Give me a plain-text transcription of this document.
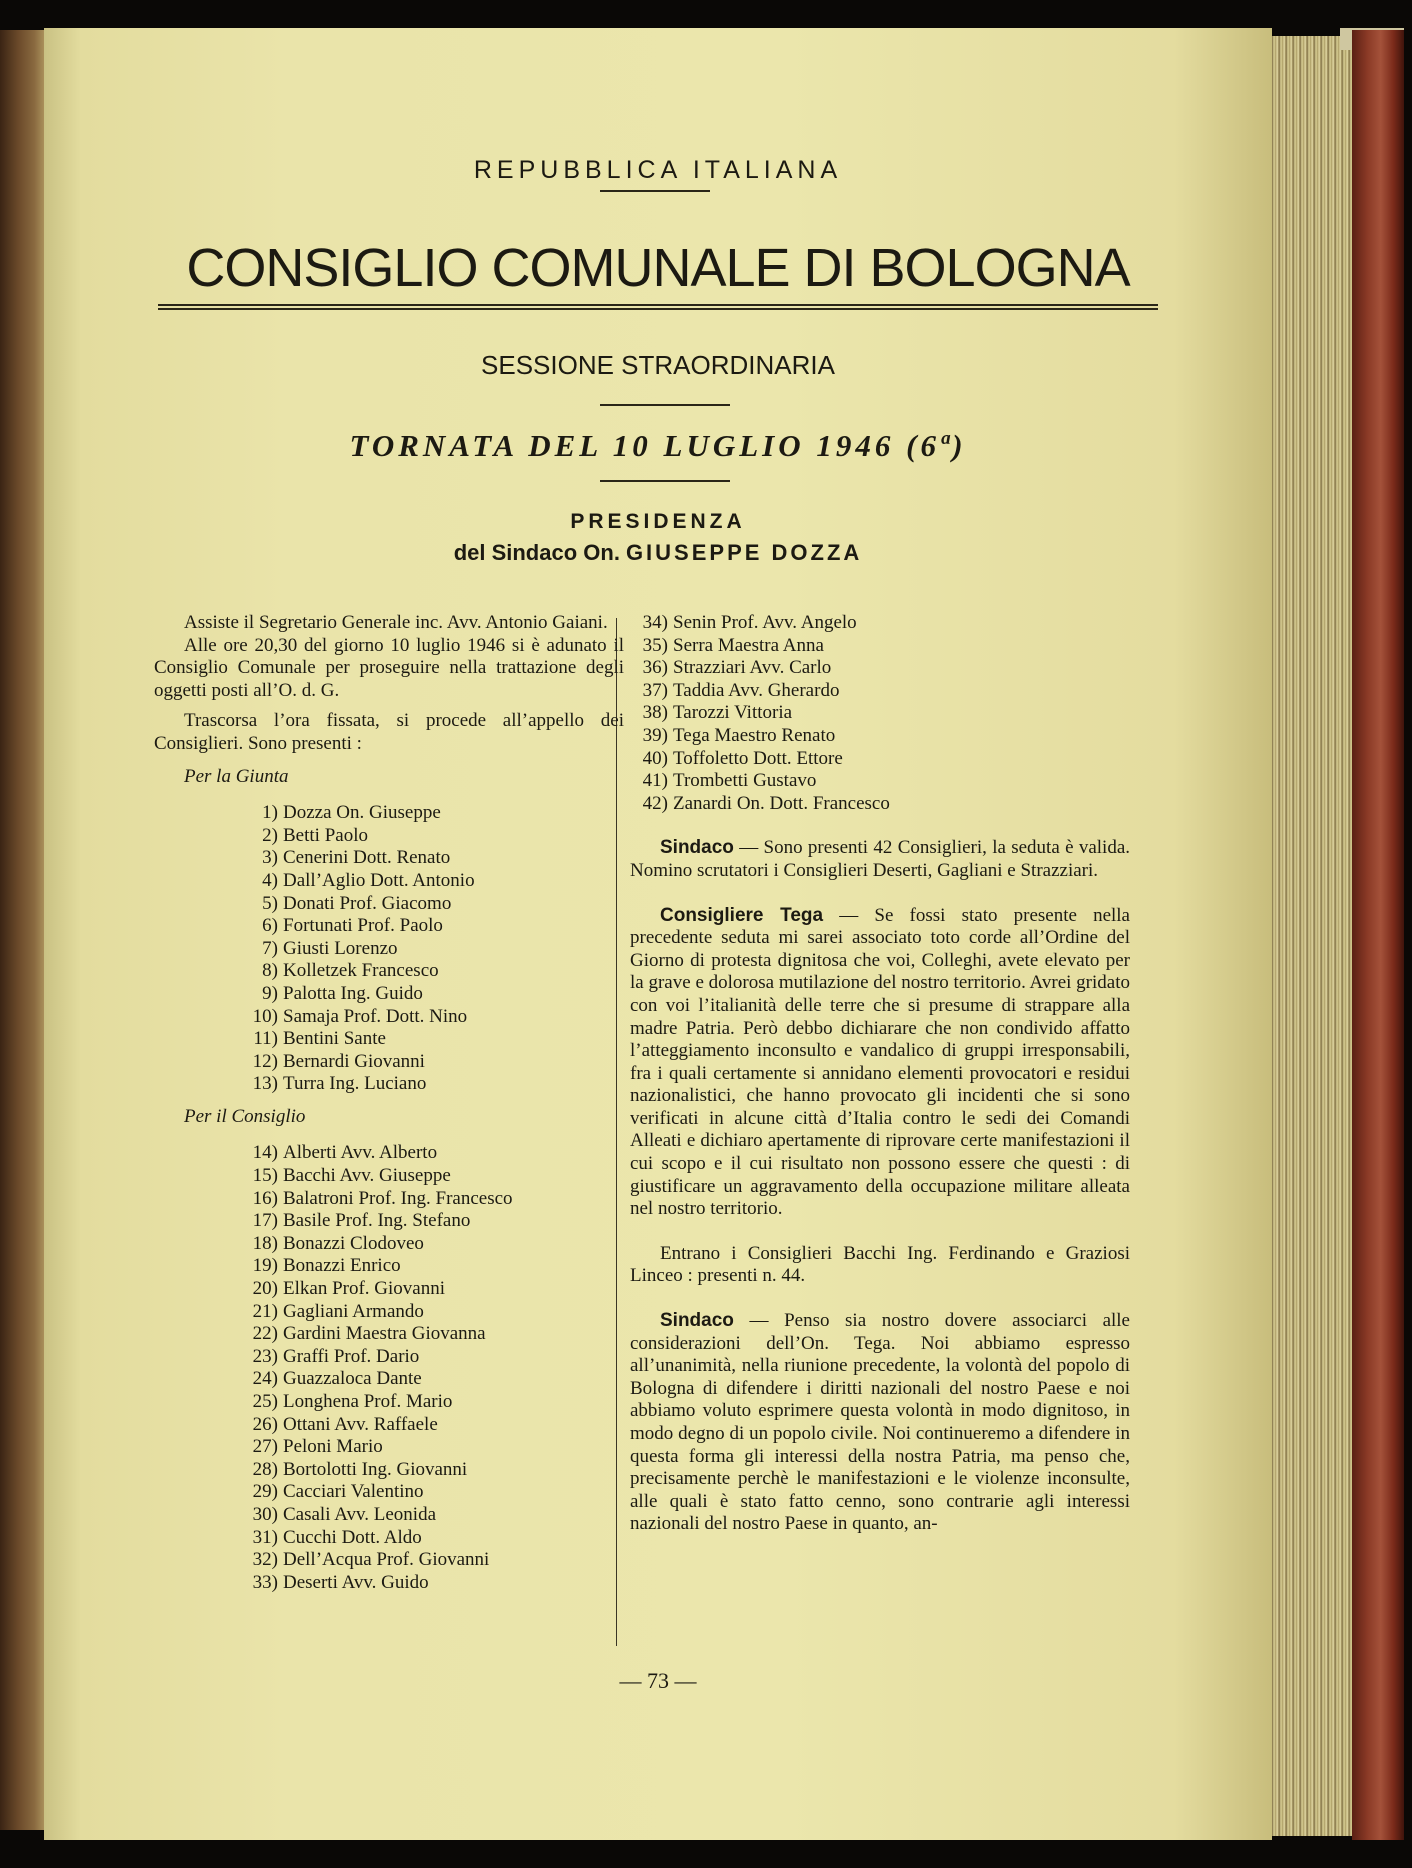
REPUBBLICA ITALIANA
CONSIGLIO COMUNALE DI BOLOGNA
SESSIONE STRAORDINARIA
TORNATA DEL 10 LUGLIO 1946 (6ª)
PRESIDENZA
del Sindaco On. GIUSEPPE DOZZA

Assiste il Segretario Generale inc. Avv. Antonio Gaiani.

Alle ore 20,30 del giorno 10 luglio 1946 si è adunato il Consiglio Comunale per proseguire nella trattazione degli oggetti posti all’O. d. G.

Trascorsa l’ora fissata, si procede all’appello dei Consiglieri. Sono presenti :

Per la Giunta
1) Dozza On. Giuseppe
2) Betti Paolo
3) Cenerini Dott. Renato
4) Dall’Aglio Dott. Antonio
5) Donati Prof. Giacomo
6) Fortunati Prof. Paolo
7) Giusti Lorenzo
8) Kolletzek Francesco
9) Palotta Ing. Guido
10) Samaja Prof. Dott. Nino
11) Bentini Sante
12) Bernardi Giovanni
13) Turra Ing. Luciano
Per il Consiglio
14) Alberti Avv. Alberto
15) Bacchi Avv. Giuseppe
16) Balatroni Prof. Ing. Francesco
17) Basile Prof. Ing. Stefano
18) Bonazzi Clodoveo
19) Bonazzi Enrico
20) Elkan Prof. Giovanni
21) Gagliani Armando
22) Gardini Maestra Giovanna
23) Graffi Prof. Dario
24) Guazzaloca Dante
25) Longhena Prof. Mario
26) Ottani Avv. Raffaele
27) Peloni Mario
28) Bortolotti Ing. Giovanni
29) Cacciari Valentino
30) Casali Avv. Leonida
31) Cucchi Dott. Aldo
32) Dell’Acqua Prof. Giovanni
33) Deserti Avv. Guido
34) Senin Prof. Avv. Angelo
35) Serra Maestra Anna
36) Strazziari Avv. Carlo
37) Taddia Avv. Gherardo
38) Tarozzi Vittoria
39) Tega Maestro Renato
40) Toffoletto Dott. Ettore
41) Trombetti Gustavo
42) Zanardi On. Dott. Francesco

Sindaco — Sono presenti 42 Consiglieri, la seduta è valida. Nomino scrutatori i Consiglieri Deserti, Gagliani e Strazziari.

Consigliere Tega — Se fossi stato presente nella precedente seduta mi sarei associato toto corde all’Ordine del Giorno di protesta dignitosa che voi, Colleghi, avete elevato per la grave e dolorosa mutilazione del nostro territorio. Avrei gridato con voi l’italianità delle terre che si presume di strappare alla madre Patria. Però debbo dichiarare che non condivido affatto l’atteggiamento inconsulto e vandalico di gruppi irresponsabili, fra i quali certamente si annidano elementi provocatori e residui nazionalistici, che hanno provocato gli incidenti che si sono verificati in alcune città d’Italia contro le sedi dei Comandi Alleati e dichiaro apertamente di riprovare certe manifestazioni il cui scopo e il cui risultato non possono essere che questi : di giustificare un aggravamento della occupazione militare alleata nel nostro territorio.

Entrano i Consiglieri Bacchi Ing. Ferdinando e Graziosi Linceo : presenti n. 44.

Sindaco — Penso sia nostro dovere associarci alle considerazioni dell’On. Tega. Noi abbiamo espresso all’unanimità, nella riunione precedente, la volontà del popolo di Bologna di difendere i diritti nazionali del nostro Paese e noi abbiamo voluto esprimere questa volontà in modo dignitoso, in modo degno di un popolo civile. Noi continueremo a difendere in questa forma gli interessi della nostra Patria, ma penso che, precisamente perchè le manifestazioni e le violenze inconsulte, alle quali è stato fatto cenno, sono contrarie agli interessi nazionali del nostro Paese in quanto, an-

— 73 —
